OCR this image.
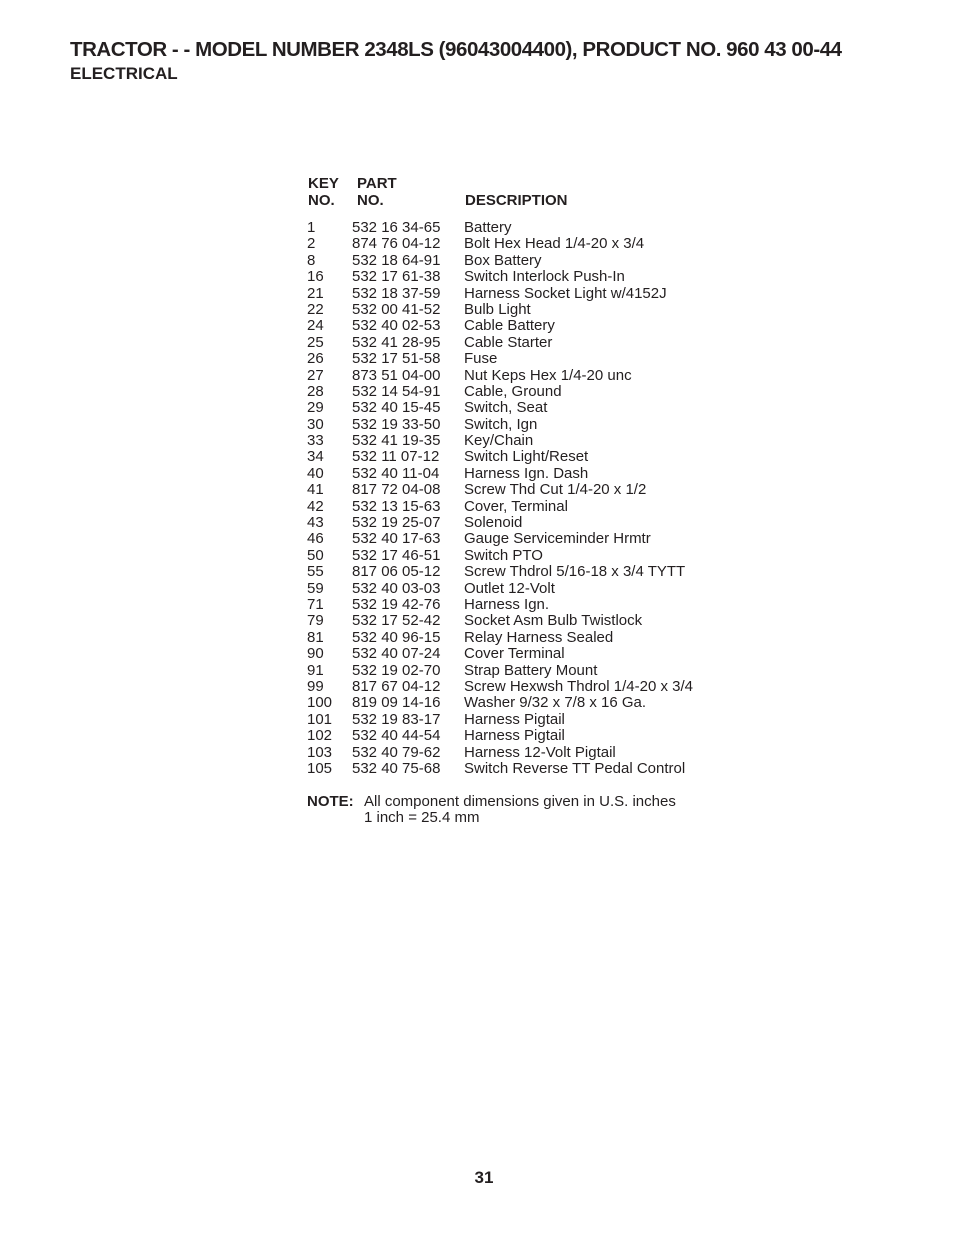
TRACTOR - - MODEL NUMBER 2348LS (96043004400), PRODUCT NO. 960 43 00-44
ELECTRICAL
KEY
NO.
PART
NO.	DESCRIPTION
1 532 16 34-65 Battery
2 874 76 04-12 Bolt Hex Head 1/4-20 x 3/4
8 532 18 64-91 Box Battery
16 532 17 61-38 Switch Interlock Push-In
21 532 18 37-59 Harness Socket Light w/4152J
22 532 00 41-52 Bulb Light
24 532 40 02-53 Cable Battery
25 532 41 28-95 Cable Starter
26 532 17 51-58 Fuse
27 873 51 04-00 Nut Keps Hex 1/4-20 unc
28 532 14 54-91 Cable, Ground
29 532 40 15-45 Switch, Seat
30 532 19 33-50 Switch, Ign
33 532 41 19-35 Key/Chain
34 532 11 07-12 Switch Light/Reset
40 532 40 11-04 Harness Ign. Dash
41 817 72 04-08 Screw Thd Cut 1/4-20 x 1/2
42 532 13 15-63 Cover, Terminal
43 532 19 25-07 Solenoid
46 532 40 17-63 Gauge Serviceminder Hrmtr
50 532 17 46-51 Switch PTO
55 817 06 05-12 Screw Thdrol 5/16-18 x 3/4 TYTT
59 532 40 03-03 Outlet 12-Volt
71 532 19 42-76 Harness Ign.
79 532 17 52-42 Socket Asm Bulb Twistlock
81 532 40 96-15 Relay Harness Sealed
90 532 40 07-24 Cover Terminal
91 532 19 02-70 Strap Battery Mount
99 817 67 04-12 Screw Hexwsh Thdrol 1/4-20 x 3/4
100 819 09 14-16 Washer 9/32 x 7/8 x 16 Ga.
101 532 19 83-17 Harness Pigtail
102 532 40 44-54 Harness Pigtail
103 532 40 79-62 Harness 12-Volt Pigtail
105 532 40 75-68 Switch Reverse TT Pedal Control
NOTE: All component dimensions given in U.S. inches
1 inch = 25.4 mm
31
